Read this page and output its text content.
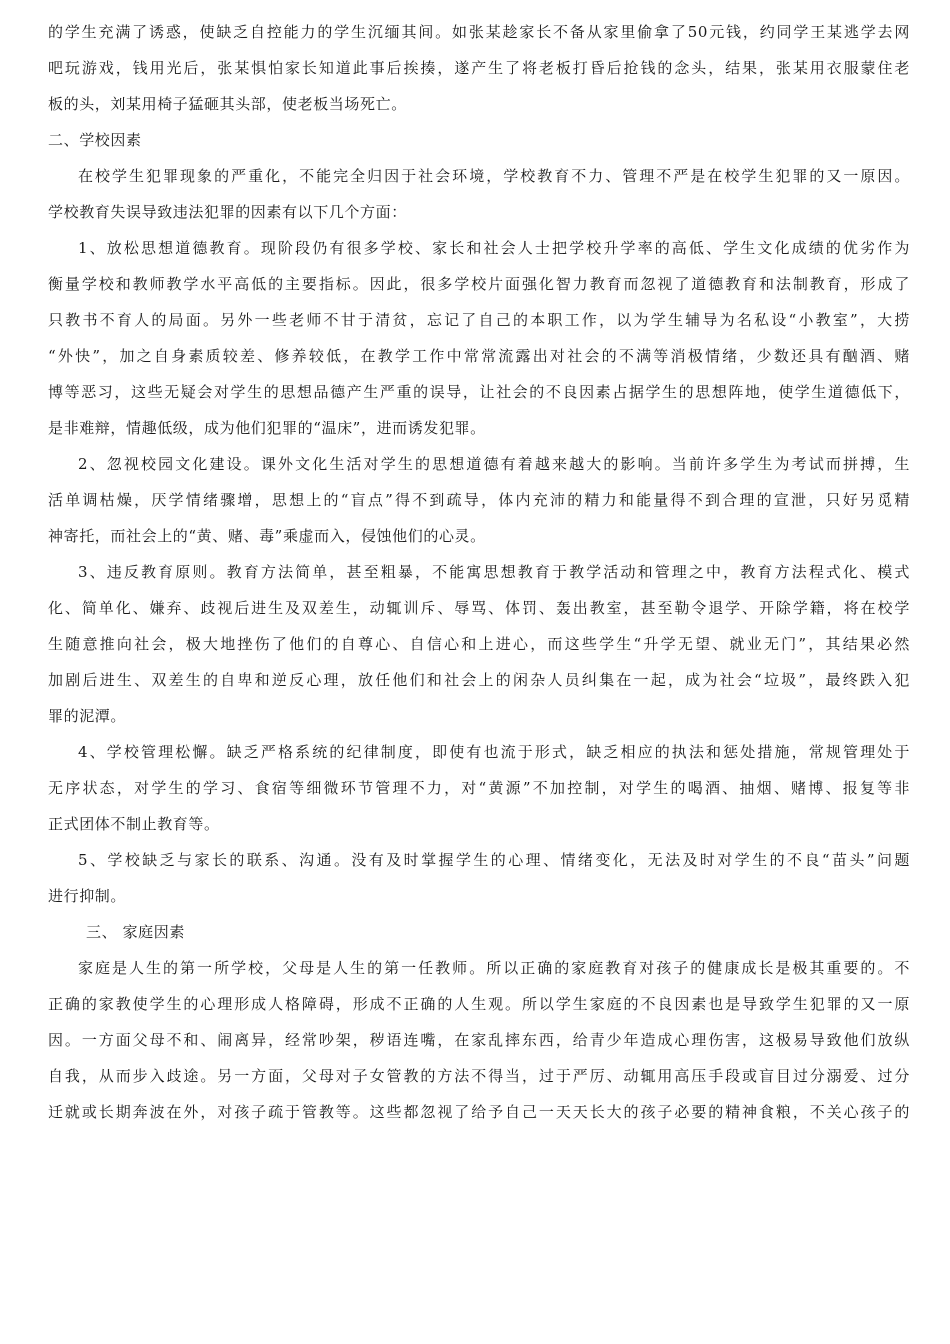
的学生充满了诱惑，使缺乏自控能力的学生沉缅其间。如张某趁家长不备从家里偷拿了50元钱，约同学王某逃学去网
吧玩游戏，钱用光后，张某惧怕家长知道此事后挨揍，遂产生了将老板打昏后抢钱的念头，结果，张某用衣服蒙住老
板的头，刘某用椅子猛砸其头部，使老板当场死亡。
二、学校因素
在校学生犯罪现象的严重化，不能完全归因于社会环境，学校教育不力、管理不严是在校学生犯罪的又一原因。
学校教育失误导致违法犯罪的因素有以下几个方面：
1、放松思想道德教育。现阶段仍有很多学校、家长和社会人士把学校升学率的高低、学生文化成绩的优劣作为
衡量学校和教师教学水平高低的主要指标。因此，很多学校片面强化智力教育而忽视了道德教育和法制教育，形成了
只教书不育人的局面。另外一些老师不甘于清贫，忘记了自己的本职工作，以为学生辅导为名私设“小教室”，大捞
“外快”，加之自身素质较差、修养较低，在教学工作中常常流露出对社会的不满等消极情绪，少数还具有酗酒、赌
博等恶习，这些无疑会对学生的思想品德产生严重的误导，让社会的不良因素占据学生的思想阵地，使学生道德低下，
是非难辩，情趣低级，成为他们犯罪的“温床”，进而诱发犯罪。
2、忽视校园文化建设。课外文化生活对学生的思想道德有着越来越大的影响。当前许多学生为考试而拼搏，生
活单调枯燥，厌学情绪骤增，思想上的“盲点”得不到疏导，体内充沛的精力和能量得不到合理的宣泄，只好另觅精
神寄托，而社会上的“黄、赌、毒”乘虚而入，侵蚀他们的心灵。
3、违反教育原则。教育方法简单，甚至粗暴，不能寓思想教育于教学活动和管理之中，教育方法程式化、模式
化、简单化、嫌弃、歧视后进生及双差生，动辄训斥、辱骂、体罚、轰出教室，甚至勒令退学、开除学籍，将在校学
生随意推向社会，极大地挫伤了他们的自尊心、自信心和上进心，而这些学生“升学无望、就业无门”，其结果必然
加剧后进生、双差生的自卑和逆反心理，放任他们和社会上的闲杂人员纠集在一起，成为社会“垃圾”，最终跌入犯
罪的泥潭。
4、学校管理松懈。缺乏严格系统的纪律制度，即使有也流于形式，缺乏相应的执法和惩处措施，常规管理处于
无序状态，对学生的学习、食宿等细微环节管理不力，对“黄源”不加控制，对学生的喝酒、抽烟、赌博、报复等非
正式团体不制止教育等。
5、学校缺乏与家长的联系、沟通。没有及时掌握学生的心理、情绪变化，无法及时对学生的不良“苗头”问题
进行抑制。
三、 家庭因素
家庭是人生的第一所学校，父母是人生的第一任教师。所以正确的家庭教育对孩子的健康成长是极其重要的。不
正确的家教使学生的心理形成人格障碍，形成不正确的人生观。所以学生家庭的不良因素也是导致学生犯罪的又一原
因。一方面父母不和、闹离异，经常吵架，秽语连嘴，在家乱摔东西，给青少年造成心理伤害，这极易导致他们放纵
自我，从而步入歧途。另一方面，父母对子女管教的方法不得当，过于严厉、动辄用高压手段或盲目过分溺爱、过分
迁就或长期奔波在外，对孩子疏于管教等。这些都忽视了给予自己一天天长大的孩子必要的精神食粮，不关心孩子的
